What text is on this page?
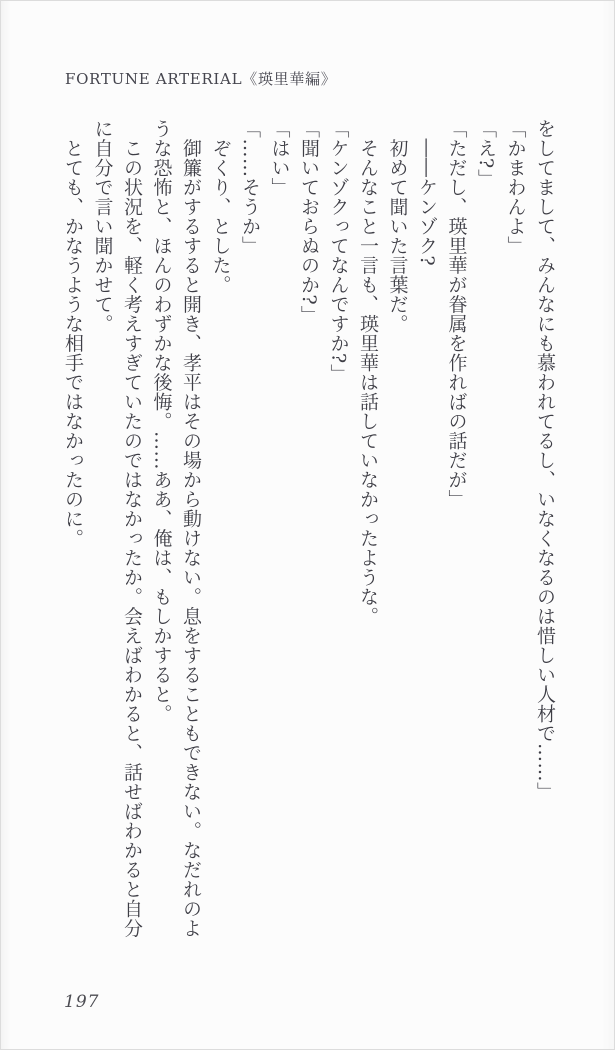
FORTUNE ARTERIAL《瑛里華編》

をしてまして、みんなにも慕われてるし、いなくなるのは惜しい人材で……」

「かまわんよ」

「え?」

「ただし、瑛里華が眷属を作ればの話だが」

　――ケンゾク?

　初めて聞いた言葉だ。

　そんなこと一言も、瑛里華は話していなかったような。

「ケンゾクってなんですか?」

「聞いておらぬのか?」

「はい」

「……そうか」

　ぞくり、とした。

　御簾がするすると開き、孝平はその場から動けない。息をすることもできない。なだれのよ

うな恐怖と、ほんのわずかな後悔。……ああ、俺は、もしかすると。

　この状況を、軽く考えすぎていたのではなかったか。会えばわかると、話せばわかると自分

に自分で言い聞かせて。

　とても、かなうような相手ではなかったのに。

197
